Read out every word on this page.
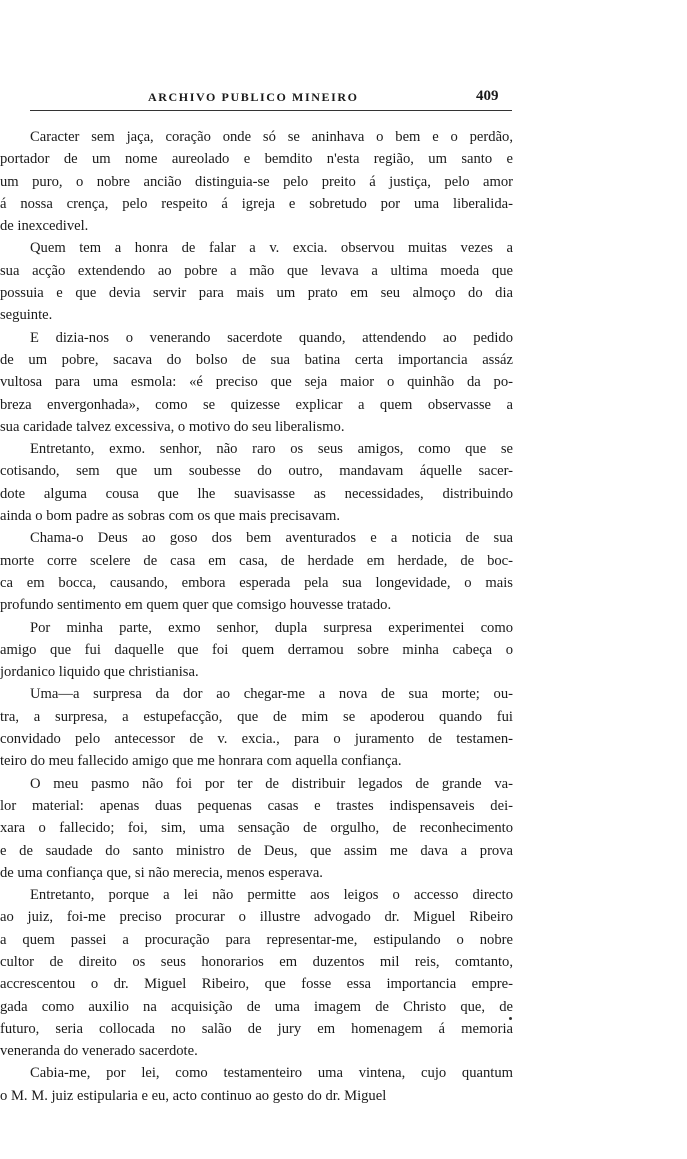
ARCHIVO PUBLICO MINEIRO	409
Caracter sem jaça, coração onde só se aninhava o bem e o perdão,
portador de um nome aureolado e bemdito n'esta região, um santo e
um puro, o nobre ancião distinguia-se pelo preito á justiça, pelo amor
á nossa crença, pelo respeito á igreja e sobretudo por uma liberalida-
de inexcedivel.
Quem tem a honra de falar a v. excia. observou muitas vezes a
sua acção extendendo ao pobre a mão que levava a ultima moeda que
possuia e que devia servir para mais um prato em seu almoço do dia
seguinte.
E dizia-nos o venerando sacerdote quando, attendendo ao pedido
de um pobre, sacava do bolso de sua batina certa importancia assáz
vultosa para uma esmola: «é preciso que seja maior o quinhão da po-
breza envergonhada», como se quizesse explicar a quem observasse a
sua caridade talvez excessiva, o motivo do seu liberalismo.
Entretanto, exmo. senhor, não raro os seus amigos, como que se
cotisando, sem que um soubesse do outro, mandavam áquelle sacer-
dote alguma cousa que lhe suavisasse as necessidades, distribuindo
ainda o bom padre as sobras com os que mais precisavam.
Chama-o Deus ao goso dos bem aventurados e a noticia de sua
morte corre scelere de casa em casa, de herdade em herdade, de boc-
ca em bocca, causando, embora esperada pela sua longevidade, o mais
profundo sentimento em quem quer que comsigo houvesse tratado.
Por minha parte, exmo senhor, dupla surpresa experimentei como
amigo que fui daquelle que foi quem derramou sobre minha cabeça o
jordanico liquido que christianisa.
Uma—a surpresa da dor ao chegar-me a nova de sua morte; ou-
tra, a surpresa, a estupefacção, que de mim se apoderou quando fui
convidado pelo antecessor de v. excia., para o juramento de testamen-
teiro do meu fallecido amigo que me honrara com aquella confiança.
O meu pasmo não foi por ter de distribuir legados de grande va-
lor material: apenas duas pequenas casas e trastes indispensaveis dei-
xara o fallecido; foi, sim, uma sensação de orgulho, de reconhecimento
e de saudade do santo ministro de Deus, que assim me dava a prova
de uma confiança que, si não merecia, menos esperava.
Entretanto, porque a lei não permitte aos leigos o accesso directo
ao juiz, foi-me preciso procurar o illustre advogado dr. Miguel Ribeiro
a quem passei a procuração para representar-me, estipulando o nobre
cultor de direito os seus honorarios em duzentos mil reis, comtanto,
accrescentou o dr. Miguel Ribeiro, que fosse essa importancia empre-
gada como auxilio na acquisição de uma imagem de Christo que, de
futuro, seria collocada no salão de jury em homenagem á memoria
veneranda do venerado sacerdote.
Cabia-me, por lei, como testamenteiro uma vintena, cujo quantum
o M. M. juiz estipularia e eu, acto continuo ao gesto do dr. Miguel
